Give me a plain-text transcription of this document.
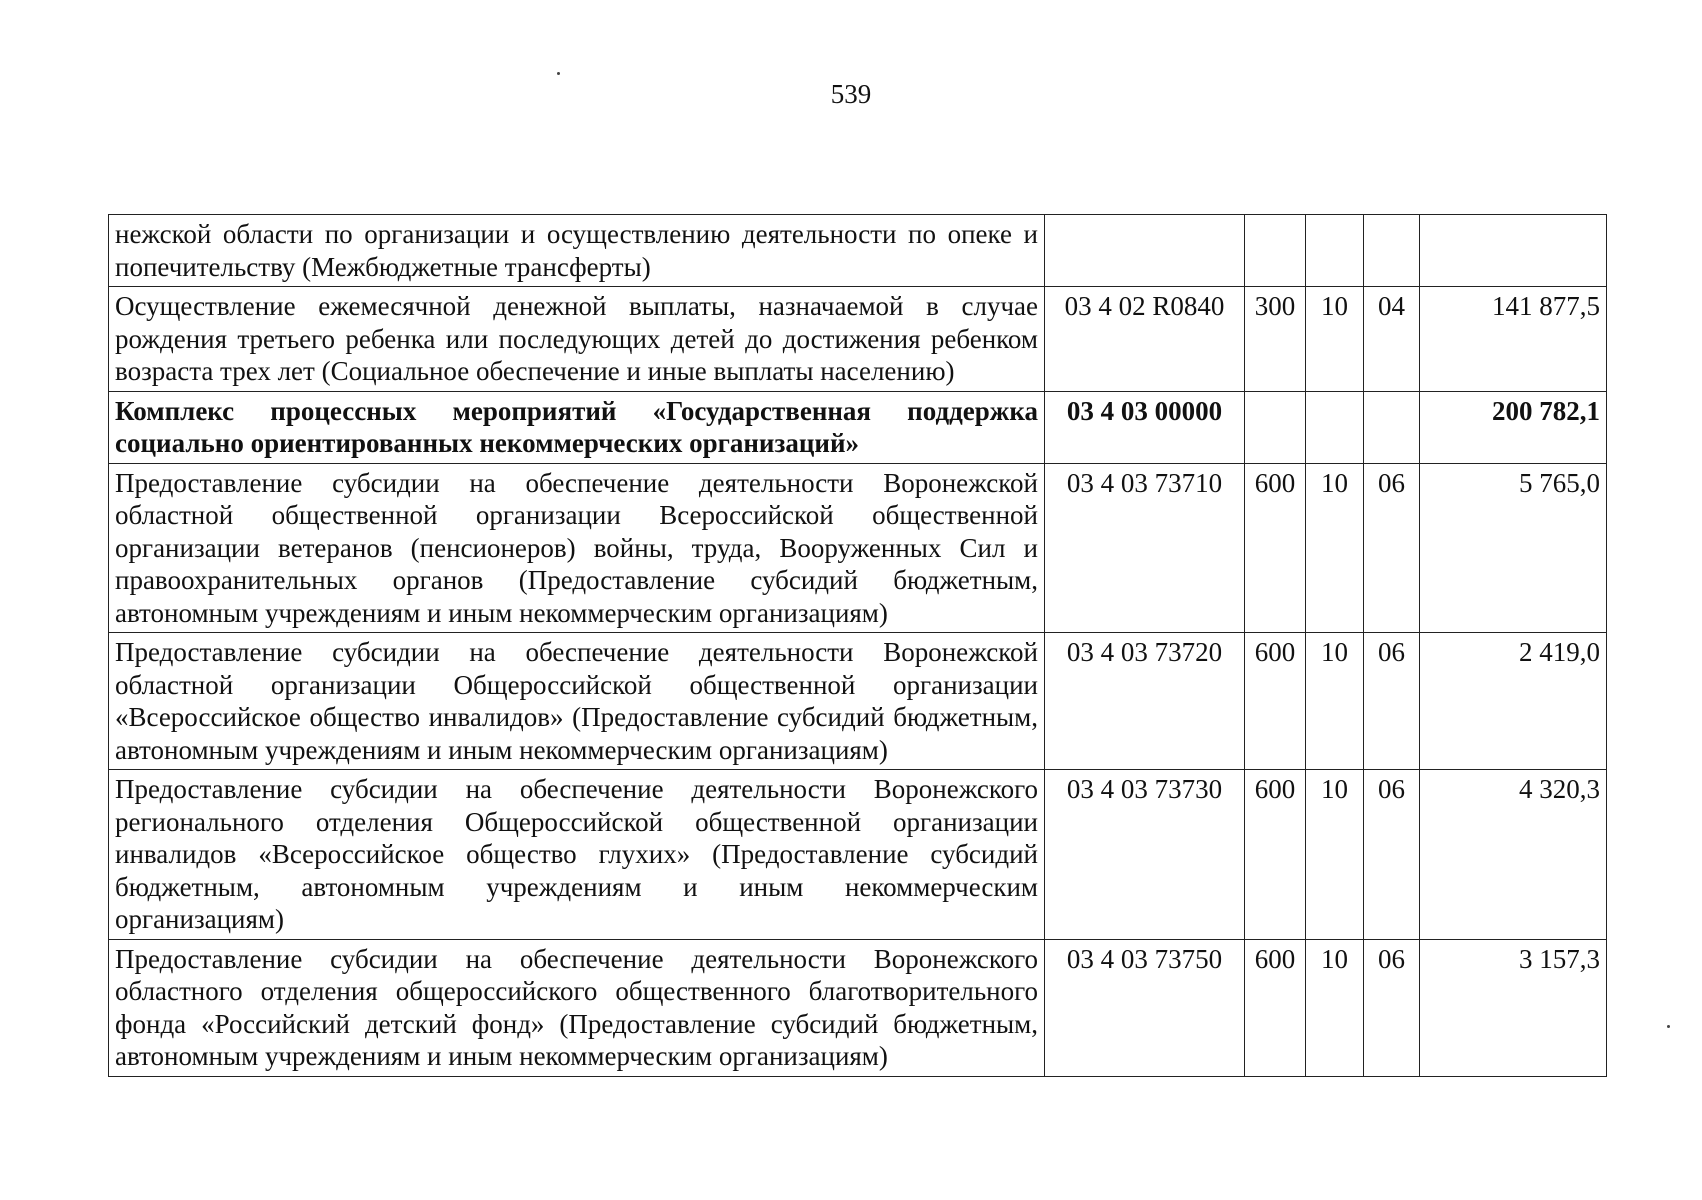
539
нежской области по организации и осуществлению деятельности по опеке и попечительству (Межбюджетные трансферты)					
Осуществление ежемесячной денежной выплаты, назначаемой в случае рождения третьего ребенка или последующих детей до достижения ребенком возраста трех лет (Социальное обеспечение и иные выплаты населению)	03 4 02 R0840	300	10	04	141 877,5
Комплекс процессных мероприятий «Государственная поддержка социально ориентированных некоммерческих организаций»	03 4 03 00000				200 782,1
Предоставление субсидии на обеспечение деятельности Воронежской областной общественной организации Всероссийской общественной организации ветеранов (пенсионеров) войны, труда, Вооруженных Сил и правоохранительных органов (Предоставление субсидий бюджетным, автономным учреждениям и иным некоммерческим организациям)	03 4 03 73710	600	10	06	5 765,0
Предоставление субсидии на обеспечение деятельности Воронежской областной организации Общероссийской общественной организации «Всероссийское общество инвалидов» (Предоставление субсидий бюджетным, автономным учреждениям и иным некоммерческим организациям)	03 4 03 73720	600	10	06	2 419,0
Предоставление субсидии на обеспечение деятельности Воронежского регионального отделения Общероссийской общественной организации инвалидов «Всероссийское общество глухих» (Предоставление субсидий бюджетным, автономным учреждениям и иным некоммерческим организациям)	03 4 03 73730	600	10	06	4 320,3
Предоставление субсидии на обеспечение деятельности Воронежского областного отделения общероссийского общественного благотворительного фонда «Российский детский фонд» (Предоставление субсидий бюджетным, автономным учреждениям и иным некоммерческим организациям)	03 4 03 73750	600	10	06	3 157,3
